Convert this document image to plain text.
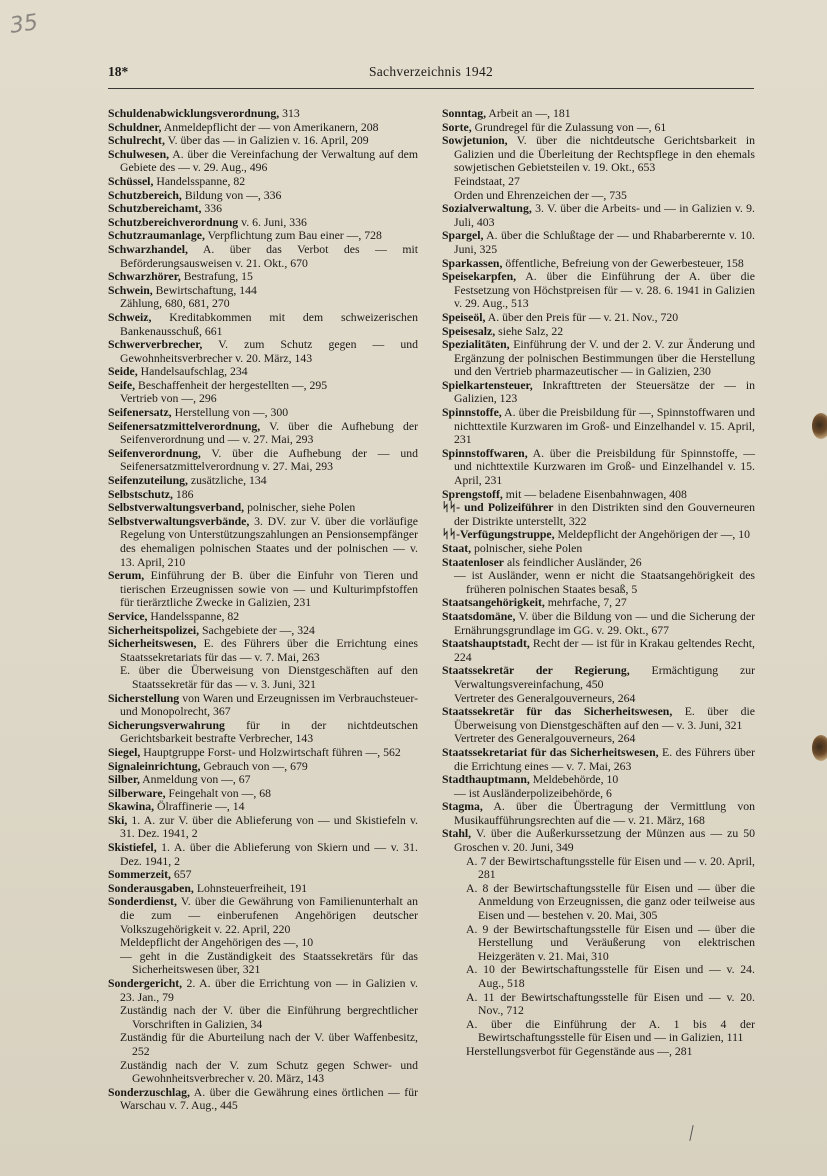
35
Sachverzeichnis 1942
18*
Schuldenabwicklungsverordnung, 313
Schuldner, Anmeldepflicht der — von Amerikanern, 208
Schulrecht, V. über das — in Galizien v. 16. April, 209
Schulwesen, A. über die Vereinfachung der Verwaltung auf dem Gebiete des — v. 29. Aug., 496
Schüssel, Handelsspanne, 82
Schutzbereich, Bildung von —, 336
Schutzbereichamt, 336
Schutzbereichverordnung v. 6. Juni, 336
Schutzraumanlage, Verpflichtung zum Bau einer —, 728
Schwarzhandel, A. über das Verbot des — mit Beförderungsausweisen v. 21. Okt., 670
Schwarzhörer, Bestrafung, 15
Schwein, Bewirtschaftung, 144
Zählung, 680, 681, 270
Schweiz, Kreditabkommen mit dem schweizerischen Bankenausschuß, 661
Schwerverbrecher, V. zum Schutz gegen — und Gewohnheitsverbrecher v. 20. März, 143
Seide, Handelsaufschlag, 234
Seife, Beschaffenheit der hergestellten —, 295
Vertrieb von —, 296
Seifenersatz, Herstellung von —, 300
Seifenersatzmittelverordnung, V. über die Aufhebung der Seifenverordnung und — v. 27. Mai, 293
Seifenverordnung, V. über die Aufhebung der — und Seifenersatzmittelverordnung v. 27. Mai, 293
Seifenzuteilung, zusätzliche, 134
Selbstschutz, 186
Selbstverwaltungsverband, polnischer, siehe Polen
Selbstverwaltungsverbände, 3. DV. zur V. über die vorläufige Regelung von Unterstützungszahlungen an Pensionsempfänger des ehemaligen polnischen Staates und der polnischen — v. 13. April, 210
Serum, Einführung der B. über die Einfuhr von Tieren und tierischen Erzeugnissen sowie von — und Kulturimpfstoffen für tierärztliche Zwecke in Galizien, 231
Service, Handelsspanne, 82
Sicherheitspolizei, Sachgebiete der —, 324
Sicherheitswesen, E. des Führers über die Errichtung eines Staatssekretariats für das — v. 7. Mai, 263
E. über die Überweisung von Dienstgeschäften auf den Staatssekretär für das — v. 3. Juni, 321
Sicherstellung von Waren und Erzeugnissen im Verbrauchsteuer- und Monopolrecht, 367
Sicherungsverwahrung für in der nichtdeutschen Gerichtsbarkeit bestrafte Verbrecher, 143
Siegel, Hauptgruppe Forst- und Holzwirtschaft führen —, 562
Signaleinrichtung, Gebrauch von —, 679
Silber, Anmeldung von —, 67
Silberware, Feingehalt von —, 68
Skawina, Ölraffinerie —, 14
Ski, 1. A. zur V. über die Ablieferung von — und Skistiefeln v. 31. Dez. 1941, 2
Skistiefel, 1. A. über die Ablieferung von Skiern und — v. 31. Dez. 1941, 2
Sommerzeit, 657
Sonderausgaben, Lohnsteuerfreiheit, 191
Sonderdienst, V. über die Gewährung von Familienunterhalt an die zum — einberufenen Angehörigen deutscher Volkszugehörigkeit v. 22. April, 220
Meldepflicht der Angehörigen des —, 10
— geht in die Zuständigkeit des Staatssekretärs für das Sicherheitswesen über, 321
Sondergericht, 2. A. über die Errichtung von — in Galizien v. 23. Jan., 79
Zuständig nach der V. über die Einführung bergrechtlicher Vorschriften in Galizien, 34
Zuständig für die Aburteilung nach der V. über Waffenbesitz, 252
Zuständig nach der V. zum Schutz gegen Schwer- und Gewohnheitsverbrecher v. 20. März, 143
Sonderzuschlag, A. über die Gewährung eines örtlichen — für Warschau v. 7. Aug., 445
Sonntag, Arbeit an —, 181
Sorte, Grundregel für die Zulassung von —, 61
Sowjetunion, V. über die nichtdeutsche Gerichtsbarkeit in Galizien und die Überleitung der Rechtspflege in den ehemals sowjetischen Gebietsteilen v. 19. Okt., 653
Feindstaat, 27
Orden und Ehrenzeichen der —, 735
Sozialverwaltung, 3. V. über die Arbeits- und — in Galizien v. 9. Juli, 403
Spargel, A. über die Schlußtage der — und Rhabarberernte v. 10. Juni, 325
Sparkassen, öffentliche, Befreiung von der Gewerbesteuer, 158
Speisekarpfen, A. über die Einführung der A. über die Festsetzung von Höchstpreisen für — v. 28. 6. 1941 in Galizien v. 29. Aug., 513
Speiseöl, A. über den Preis für — v. 21. Nov., 720
Speisesalz, siehe Salz, 22
Spezialitäten, Einführung der V. und der 2. V. zur Änderung und Ergänzung der polnischen Bestimmungen über die Herstellung und den Vertrieb pharmazeutischer — in Galizien, 230
Spielkartensteuer, Inkrafttreten der Steuersätze der — in Galizien, 123
Spinnstoffe, A. über die Preisbildung für —, Spinnstoffwaren und nichttextile Kurzwaren im Groß- und Einzelhandel v. 15. April, 231
Spinnstoffwaren, A. über die Preisbildung für Spinnstoffe, — und nichttextile Kurzwaren im Groß- und Einzelhandel v. 15. April, 231
Sprengstoff, mit — beladene Eisenbahnwagen, 408
ᛋᛋ- und Polizeiführer in den Distrikten sind den Gouverneuren der Distrikte unterstellt, 322
ᛋᛋ-Verfügungstruppe, Meldepflicht der Angehörigen der —, 10
Staat, polnischer, siehe Polen
Staatenloser als feindlicher Ausländer, 26
— ist Ausländer, wenn er nicht die Staatsangehörigkeit des früheren polnischen Staates besaß, 5
Staatsangehörigkeit, mehrfache, 7, 27
Staatsdomäne, V. über die Bildung von — und die Sicherung der Ernährungsgrundlage im GG. v. 29. Okt., 677
Staatshauptstadt, Recht der — ist für in Krakau geltendes Recht, 224
Staatssekretär der Regierung, Ermächtigung zur Verwaltungsvereinfachung, 450
Vertreter des Generalgouverneurs, 264
Staatssekretär für das Sicherheitswesen, E. über die Überweisung von Dienstgeschäften auf den — v. 3. Juni, 321
Vertreter des Generalgouverneurs, 264
Staatssekretariat für das Sicherheitswesen, E. des Führers über die Errichtung eines — v. 7. Mai, 263
Stadthauptmann, Meldebehörde, 10
— ist Ausländerpolizeibehörde, 6
Stagma, A. über die Übertragung der Vermittlung von Musikaufführungsrechten auf die — v. 21. März, 168
Stahl, V. über die Außerkurssetzung der Münzen aus — zu 50 Groschen v. 20. Juni, 349
A. 7 der Bewirtschaftungsstelle für Eisen und — v. 20. April, 281
A. 8 der Bewirtschaftungsstelle für Eisen und — über die Anmeldung von Erzeugnissen, die ganz oder teilweise aus Eisen und — bestehen v. 20. Mai, 305
A. 9 der Bewirtschaftungsstelle für Eisen und — über die Herstellung und Veräußerung von elektrischen Heizgeräten v. 21. Mai, 310
A. 10 der Bewirtschaftungsstelle für Eisen und — v. 24. Aug., 518
A. 11 der Bewirtschaftungsstelle für Eisen und — v. 20. Nov., 712
A. über die Einführung der A. 1 bis 4 der Bewirtschaftungsstelle für Eisen und — in Galizien, 111
Herstellungsverbot für Gegenstände aus —, 281
